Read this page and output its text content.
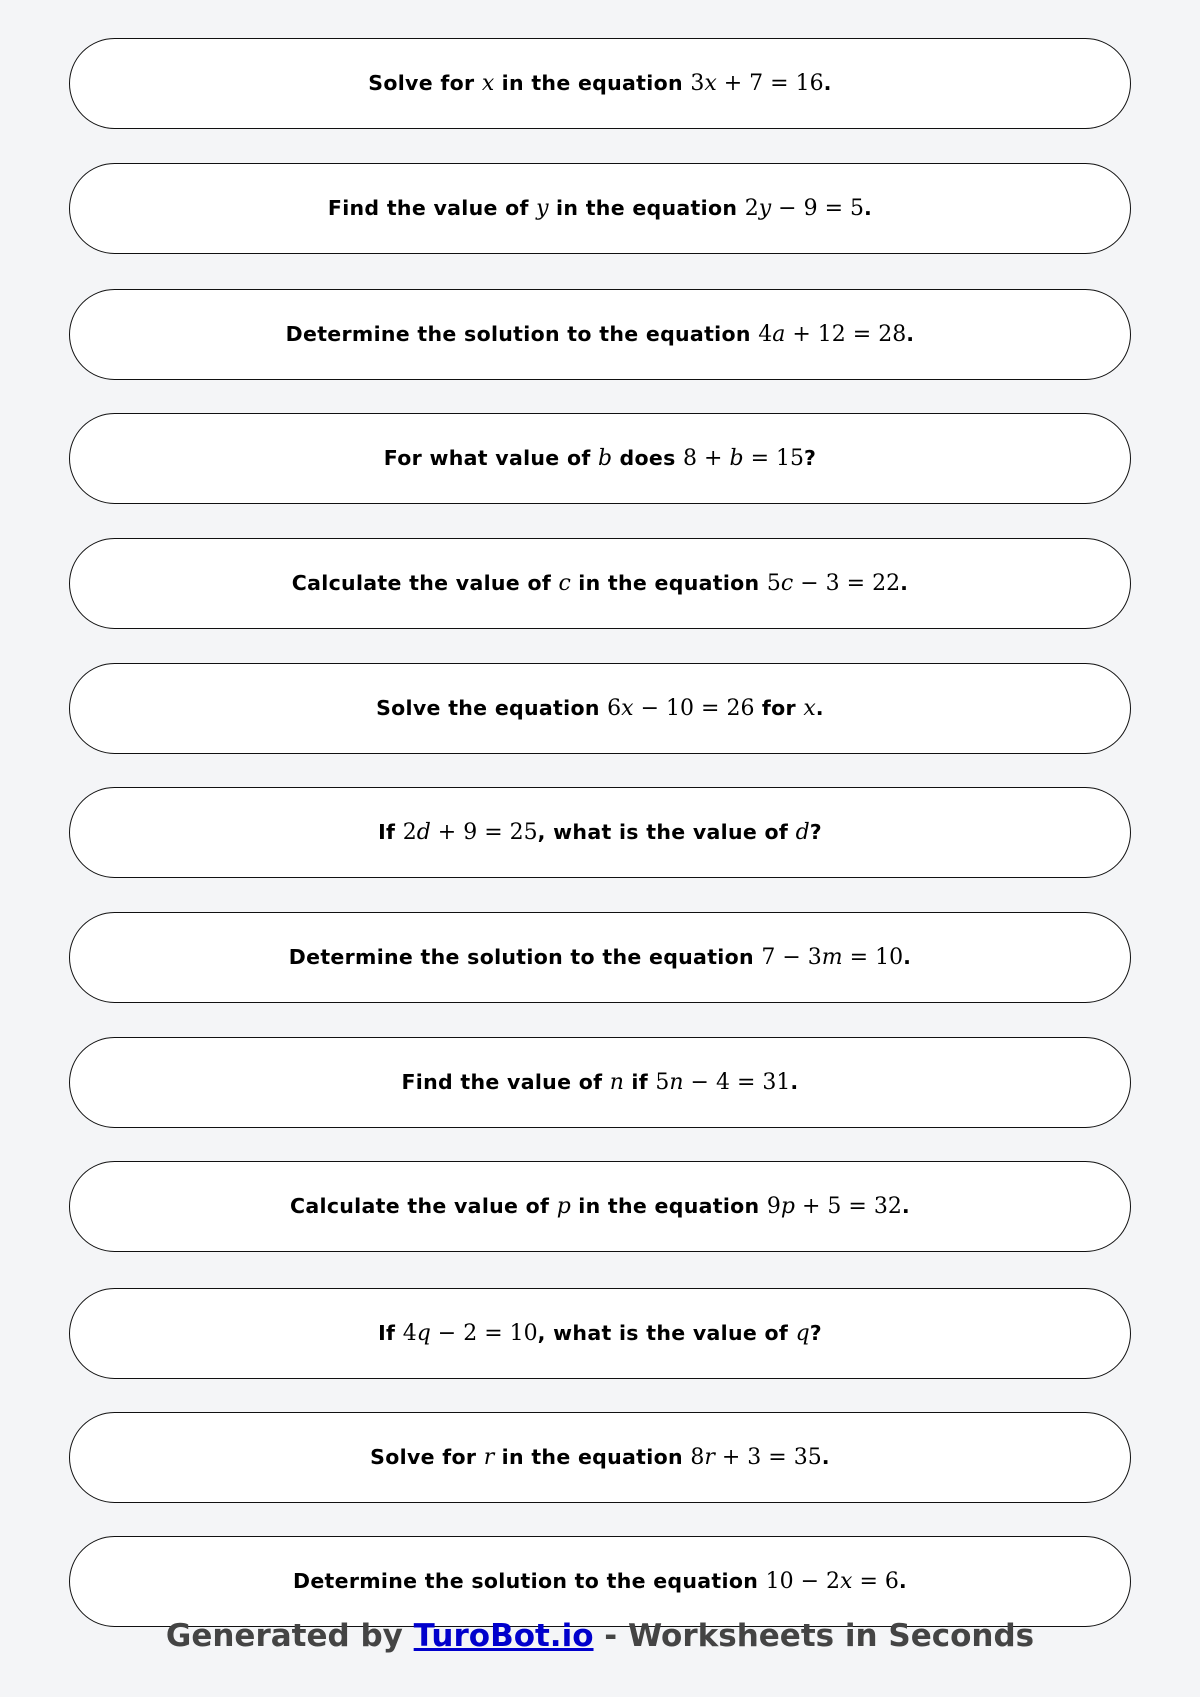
Solve for x in the equation 3x + 7 = 16.
Find the value of y in the equation 2y − 9 = 5.
Determine the solution to the equation 4a + 12 = 28.
For what value of b does 8 + b = 15?
Calculate the value of c in the equation 5c − 3 = 22.
Solve the equation 6x − 10 = 26 for x.
If 2d + 9 = 25, what is the value of d?
Determine the solution to the equation 7 − 3m = 10.
Find the value of n if 5n − 4 = 31.
Calculate the value of p in the equation 9p + 5 = 32.
If 4q − 2 = 10, what is the value of q?
Solve for r in the equation 8r + 3 = 35.
Determine the solution to the equation 10 − 2x = 6.
Generated by TuroBot.io - Worksheets in Seconds
